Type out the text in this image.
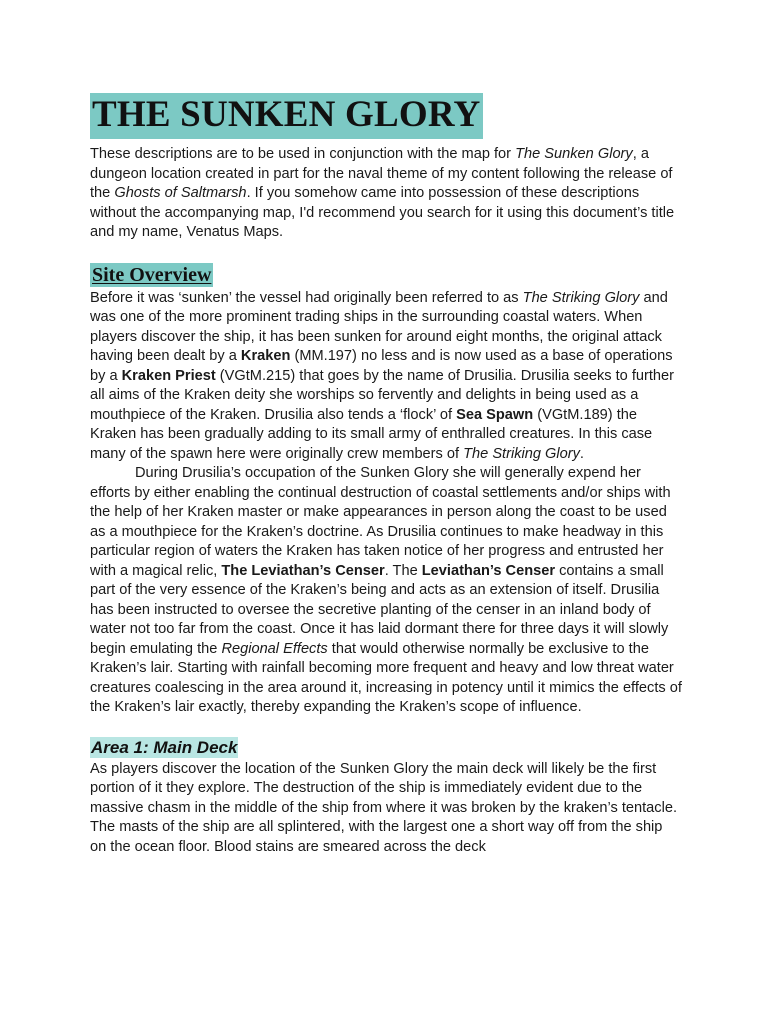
THE SUNKEN GLORY

These descriptions are to be used in conjunction with the map for The Sunken Glory, a dungeon location created in part for the naval theme of my content following the release of the Ghosts of Saltmarsh. If you somehow came into possession of these descriptions without the accompanying map, I'd recommend you search for it using this document’s title and my name, Venatus Maps.

Site Overview

Before it was ‘sunken’ the vessel had originally been referred to as The Striking Glory and was one of the more prominent trading ships in the surrounding coastal waters. When players discover the ship, it has been sunken for around eight months, the original attack having been dealt by a Kraken (MM.197) no less and is now used as a base of operations by a Kraken Priest (VGtM.215) that goes by the name of Drusilia. Drusilia seeks to further all aims of the Kraken deity she worships so fervently and delights in being used as a mouthpiece of the Kraken. Drusilia also tends a ‘flock’ of Sea Spawn (VGtM.189) the Kraken has been gradually adding to its small army of enthralled creatures. In this case many of the spawn here were originally crew members of The Striking Glory.

During Drusilia’s occupation of the Sunken Glory she will generally expend her efforts by either enabling the continual destruction of coastal settlements and/or ships with the help of her Kraken master or make appearances in person along the coast to be used as a mouthpiece for the Kraken’s doctrine. As Drusilia continues to make headway in this particular region of waters the Kraken has taken notice of her progress and entrusted her with a magical relic, The Leviathan’s Censer. The Leviathan’s Censer contains a small part of the very essence of the Kraken’s being and acts as an extension of itself. Drusilia has been instructed to oversee the secretive planting of the censer in an inland body of water not too far from the coast. Once it has laid dormant there for three days it will slowly begin emulating the Regional Effects that would otherwise normally be exclusive to the Kraken’s lair. Starting with rainfall becoming more frequent and heavy and low threat water creatures coalescing in the area around it, increasing in potency until it mimics the effects of the Kraken’s lair exactly, thereby expanding the Kraken’s scope of influence.

Area 1: Main Deck

As players discover the location of the Sunken Glory the main deck will likely be the first portion of it they explore. The destruction of the ship is immediately evident due to the massive chasm in the middle of the ship from where it was broken by the kraken’s tentacle. The masts of the ship are all splintered, with the largest one a short way off from the ship on the ocean floor. Blood stains are smeared across the deck
